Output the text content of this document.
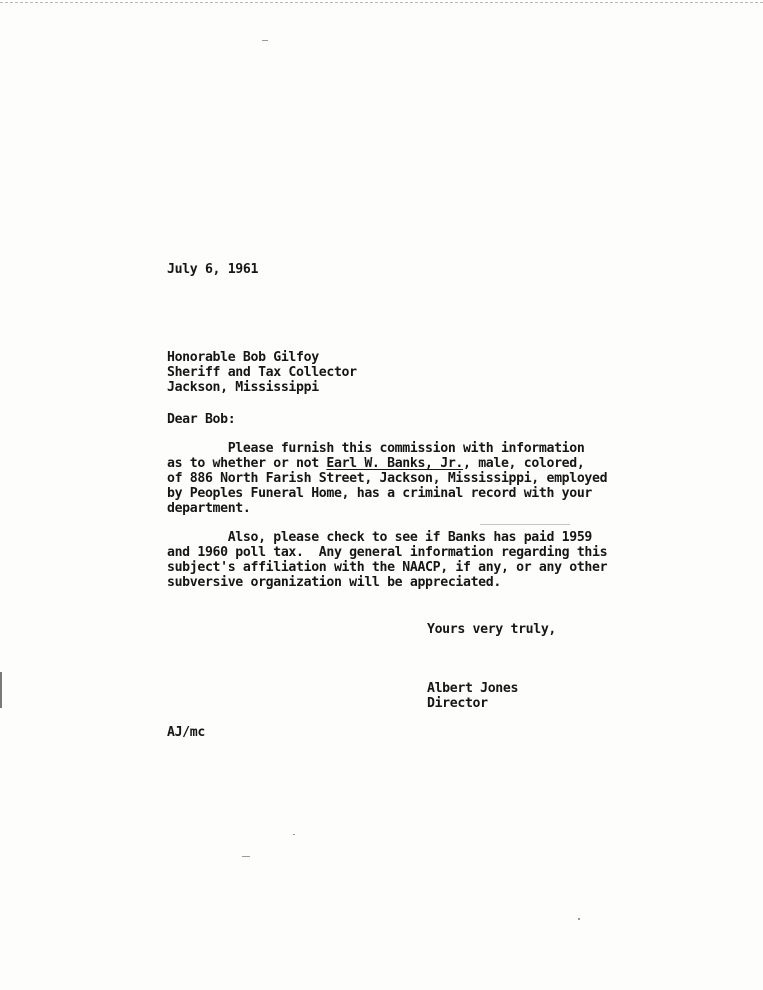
July 6, 1961
Honorable Bob Gilfoy
Sheriff and Tax Collector
Jackson, Mississippi
Dear Bob:
Please furnish this commission with information
as to whether or not Earl W. Banks, Jr., male, colored,
of 886 North Farish Street, Jackson, Mississippi, employed
by Peoples Funeral Home, has a criminal record with your
department.
Also, please check to see if Banks has paid 1959
and 1960 poll tax.  Any general information regarding this
subject's affiliation with the NAACP, if any, or any other
subversive organization will be appreciated.
Yours very truly,
Albert Jones
Director
AJ/mc
